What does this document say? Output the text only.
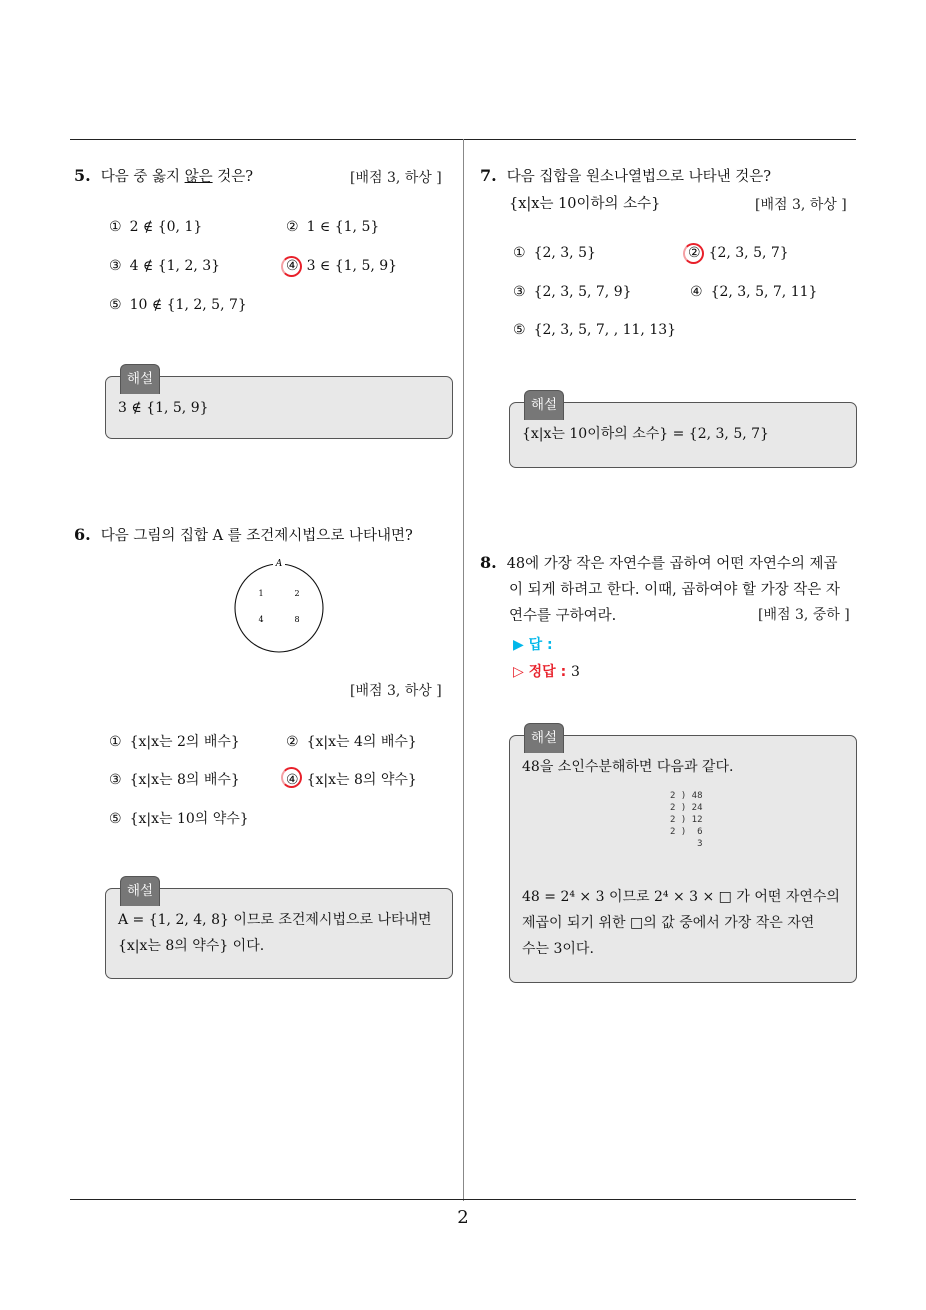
5. 다음 중 옳지 않은 것은?	[배점 3, 하상 ]
① 2 ∉ {0, 1}	② 1 ∈ {1, 5}
③ 4 ∉ {1, 2, 3}	④ 3 ∈ {1, 5, 9}
⑤ 10 ∉ {1, 2, 5, 7}
해설
3 ∉ {1, 5, 9}
6. 다음 그림의 집합 A 를 조건제시법으로 나타내면?
A
1	2
4	8
[배점 3, 하상 ]
① {x|x는 2의 배수}	② {x|x는 4의 배수}
③ {x|x는 8의 배수}	④ {x|x는 8의 약수}
⑤ {x|x는 10의 약수}
해설
A = {1, 2, 4, 8} 이므로 조건제시법으로 나타내면
{x|x는 8의 약수} 이다.
7. 다음 집합을 원소나열법으로 나타낸 것은?
{x|x는 10이하의 소수}	[배점 3, 하상 ]
① {2, 3, 5}	② {2, 3, 5, 7}
③ {2, 3, 5, 7, 9}	④ {2, 3, 5, 7, 11}
⑤ {2, 3, 5, 7, , 11, 13}
해설
{x|x는 10이하의 소수} = {2, 3, 5, 7}
8. 48에 가장 작은 자연수를 곱하여 어떤 자연수의 제곱
이 되게 하려고 한다. 이때, 곱하여야 할 가장 작은 자
연수를 구하여라.	[배점 3, 중하 ]
▶ 답 :
▷ 정답 : 3
해설
48을 소인수분해하면 다음과 같다.
2 ) 48
2 ) 24
2 ) 12
2 )  6
3
48 = 2⁴ × 3 이므로 2⁴ × 3 × □ 가 어떤 자연수의
제곱이 되기 위한 □의 값 중에서 가장 작은 자연
수는 3이다.
2
